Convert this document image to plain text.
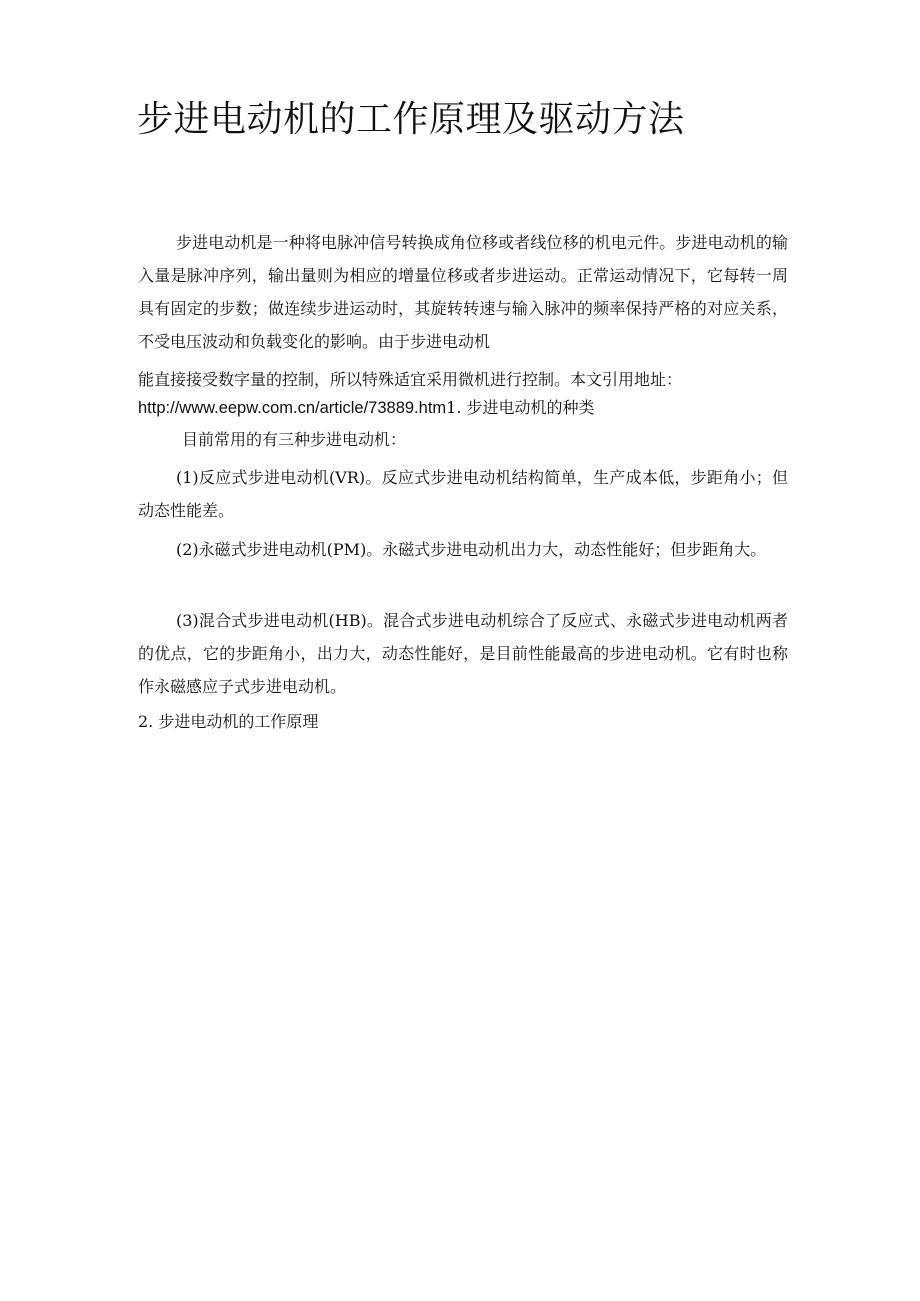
步进电动机的工作原理及驱动方法

步进电动机是一种将电脉冲信号转换成角位移或者线位移的机电元件。步进电动机的输入量是脉冲序列，输出量则为相应的增量位移或者步进运动。正常运动情况下，它每转一周具有固定的步数；做连续步进运动时，其旋转转速与输入脉冲的频率保持严格的对应关系，不受电压波动和负载变化的影响。由于步进电动机

能直接接受数字量的控制，所以特殊适宜采用微机进行控制。本文引用地址：

http://www.eepw.com.cn/article/73889.htm1. 步进电动机的种类

目前常用的有三种步进电动机：

(1)反应式步进电动机(VR)。反应式步进电动机结构简单，生产成本低，步距角小；但动态性能差。

(2)永磁式步进电动机(PM)。永磁式步进电动机出力大，动态性能好；但步距角大。

(3)混合式步进电动机(HB)。混合式步进电动机综合了反应式、永磁式步进电动机两者的优点，它的步距角小，出力大，动态性能好，是目前性能最高的步进电动机。它有时也称作永磁感应子式步进电动机。

2. 步进电动机的工作原理
